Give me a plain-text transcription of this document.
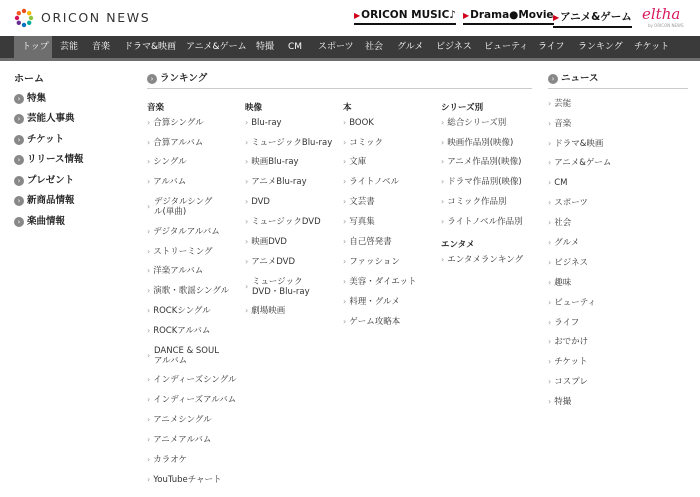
ORICON NEWS	▶ORICON MUSIC♪ ▶Drama●Movie ▶アニメ&ゲーム eltha
by ORICON NEWS
トップ	芸能 音楽 ドラマ&映画 アニメ&ゲーム 特撮 CM スポーツ 社会 グルメ ビジネス ビューティ ライフ ランキング チケット
ホーム
› 特集
› 芸能人事典
› チケット
› リリース情報
› プレゼント
› 新商品情報
› 楽曲情報
› ランキング
音楽	映像	本	シリーズ別
エンタメ
› 合算シングル
› 合算アルバム
› シングル
› アルバム
› デジタルシングル(単曲)
› デジタルアルバム
› ストリーミング
› 洋楽アルバム
› 演歌・歌謡シングル
› ROCKシングル
› ROCKアルバム
› DANCE & SOUL アルバム
› インディーズシングル
› インディーズアルバム
› アニメシングル
› アニメアルバム
› カラオケ
› YouTubeチャート
› Blu-ray
› ミュージックBlu-ray
› 映画Blu-ray
› アニメBlu-ray
› DVD
› ミュージックDVD
› 映画DVD
› アニメDVD
› ミュージック DVD・Blu-ray
› 劇場映画
› BOOK
› コミック
› 文庫
› ライトノベル
› 文芸書
› 写真集
› 自己啓発書
› ファッション
› 美容・ダイエット
› 料理・グルメ
› ゲーム攻略本
› 総合シリーズ別
› 映画作品別(映像)
› アニメ作品別(映像)
› ドラマ作品別(映像)
› コミック作品別
› ライトノベル作品別
› エンタメランキング
› ニュース
› 芸能
› 音楽
› ドラマ&映画
› アニメ&ゲーム
› CM
› スポーツ
› 社会
› グルメ
› ビジネス
› 趣味
› ビューティ
› ライフ
› おでかけ
› チケット
› コスプレ
› 特撮
